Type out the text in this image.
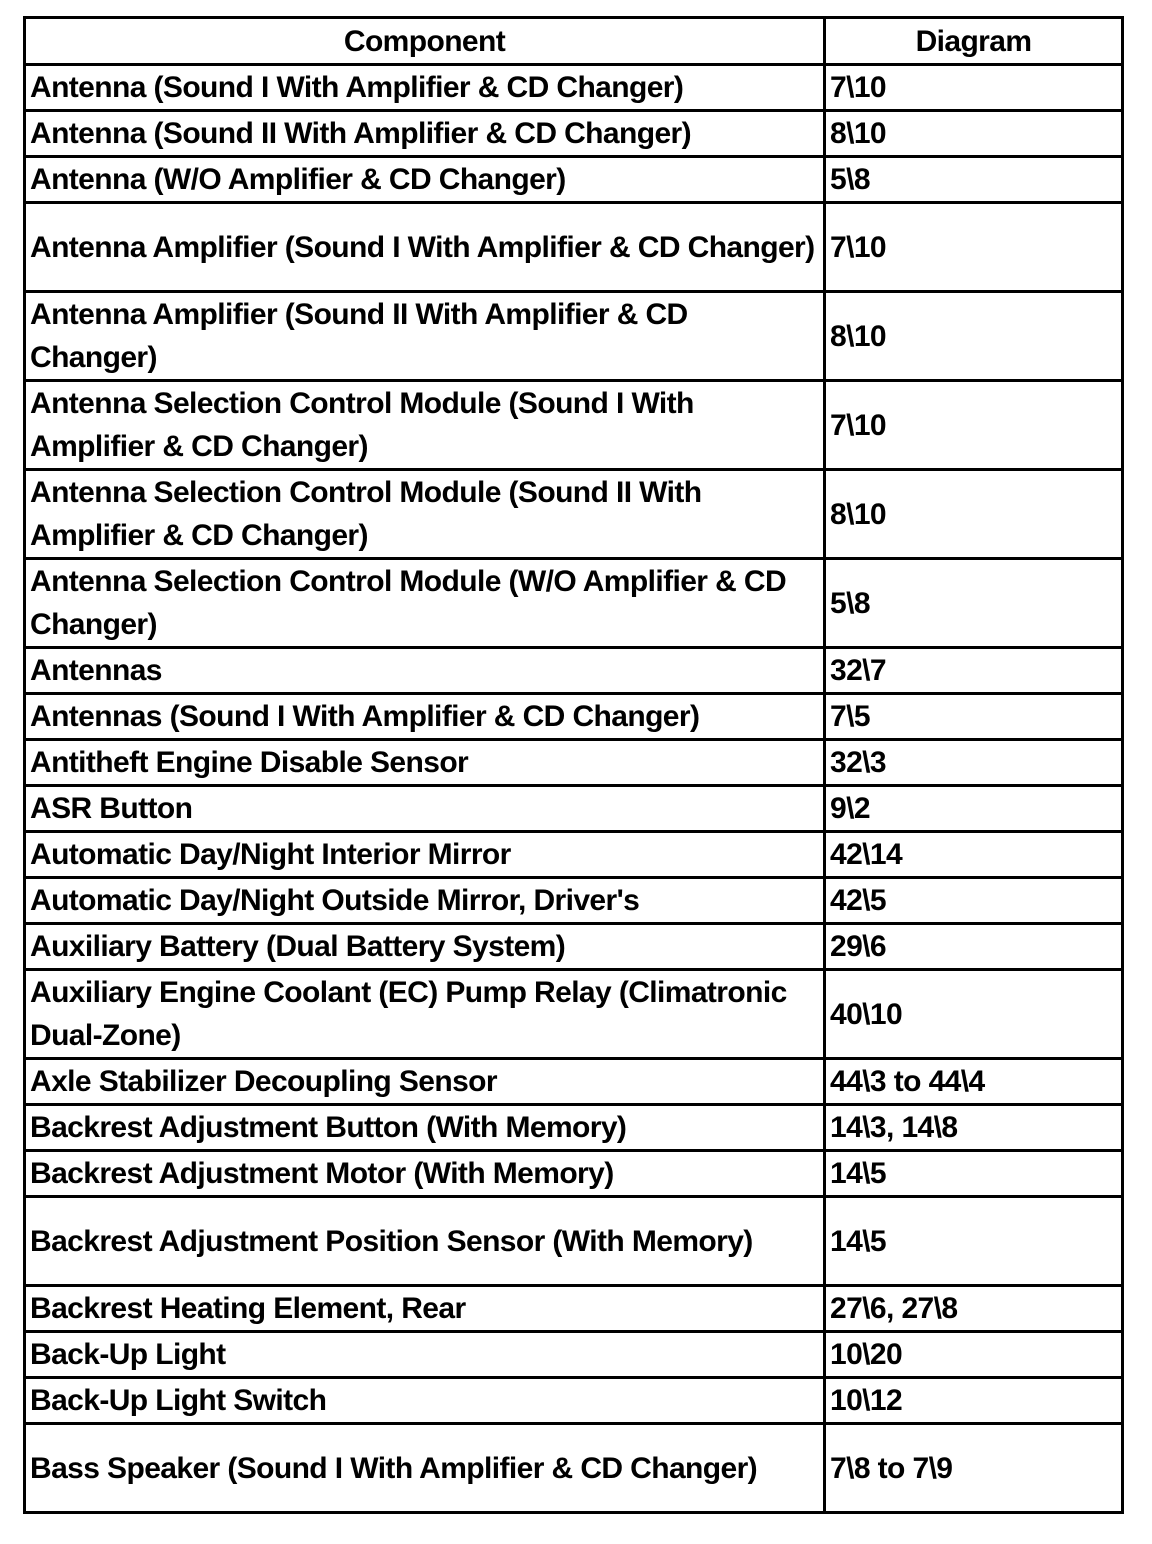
Component	Diagram
Antenna (Sound I With Amplifier & CD Changer)	7\10
Antenna (Sound II With Amplifier & CD Changer)	8\10
Antenna (W/O Amplifier & CD Changer)	5\8
Antenna Amplifier (Sound I With Amplifier & CD Changer)	7\10
Antenna Amplifier (Sound II With Amplifier & CD Changer)	8\10
Antenna Selection Control Module (Sound I With Amplifier & CD Changer)	7\10
Antenna Selection Control Module (Sound II With Amplifier & CD Changer)	8\10
Antenna Selection Control Module (W/O Amplifier & CD Changer)	5\8
Antennas	32\7
Antennas (Sound I With Amplifier & CD Changer)	7\5
Antitheft Engine Disable Sensor	32\3
ASR Button	9\2
Automatic Day/Night Interior Mirror	42\14
Automatic Day/Night Outside Mirror, Driver's	42\5
Auxiliary Battery (Dual Battery System)	29\6
Auxiliary Engine Coolant (EC) Pump Relay (Climatronic Dual-Zone)	40\10
Axle Stabilizer Decoupling Sensor	44\3 to 44\4
Backrest Adjustment Button (With Memory)	14\3, 14\8
Backrest Adjustment Motor (With Memory)	14\5
Backrest Adjustment Position Sensor (With Memory)	14\5
Backrest Heating Element, Rear	27\6, 27\8
Back-Up Light	10\20
Back-Up Light Switch	10\12
Bass Speaker (Sound I With Amplifier & CD Changer)	7\8 to 7\9
